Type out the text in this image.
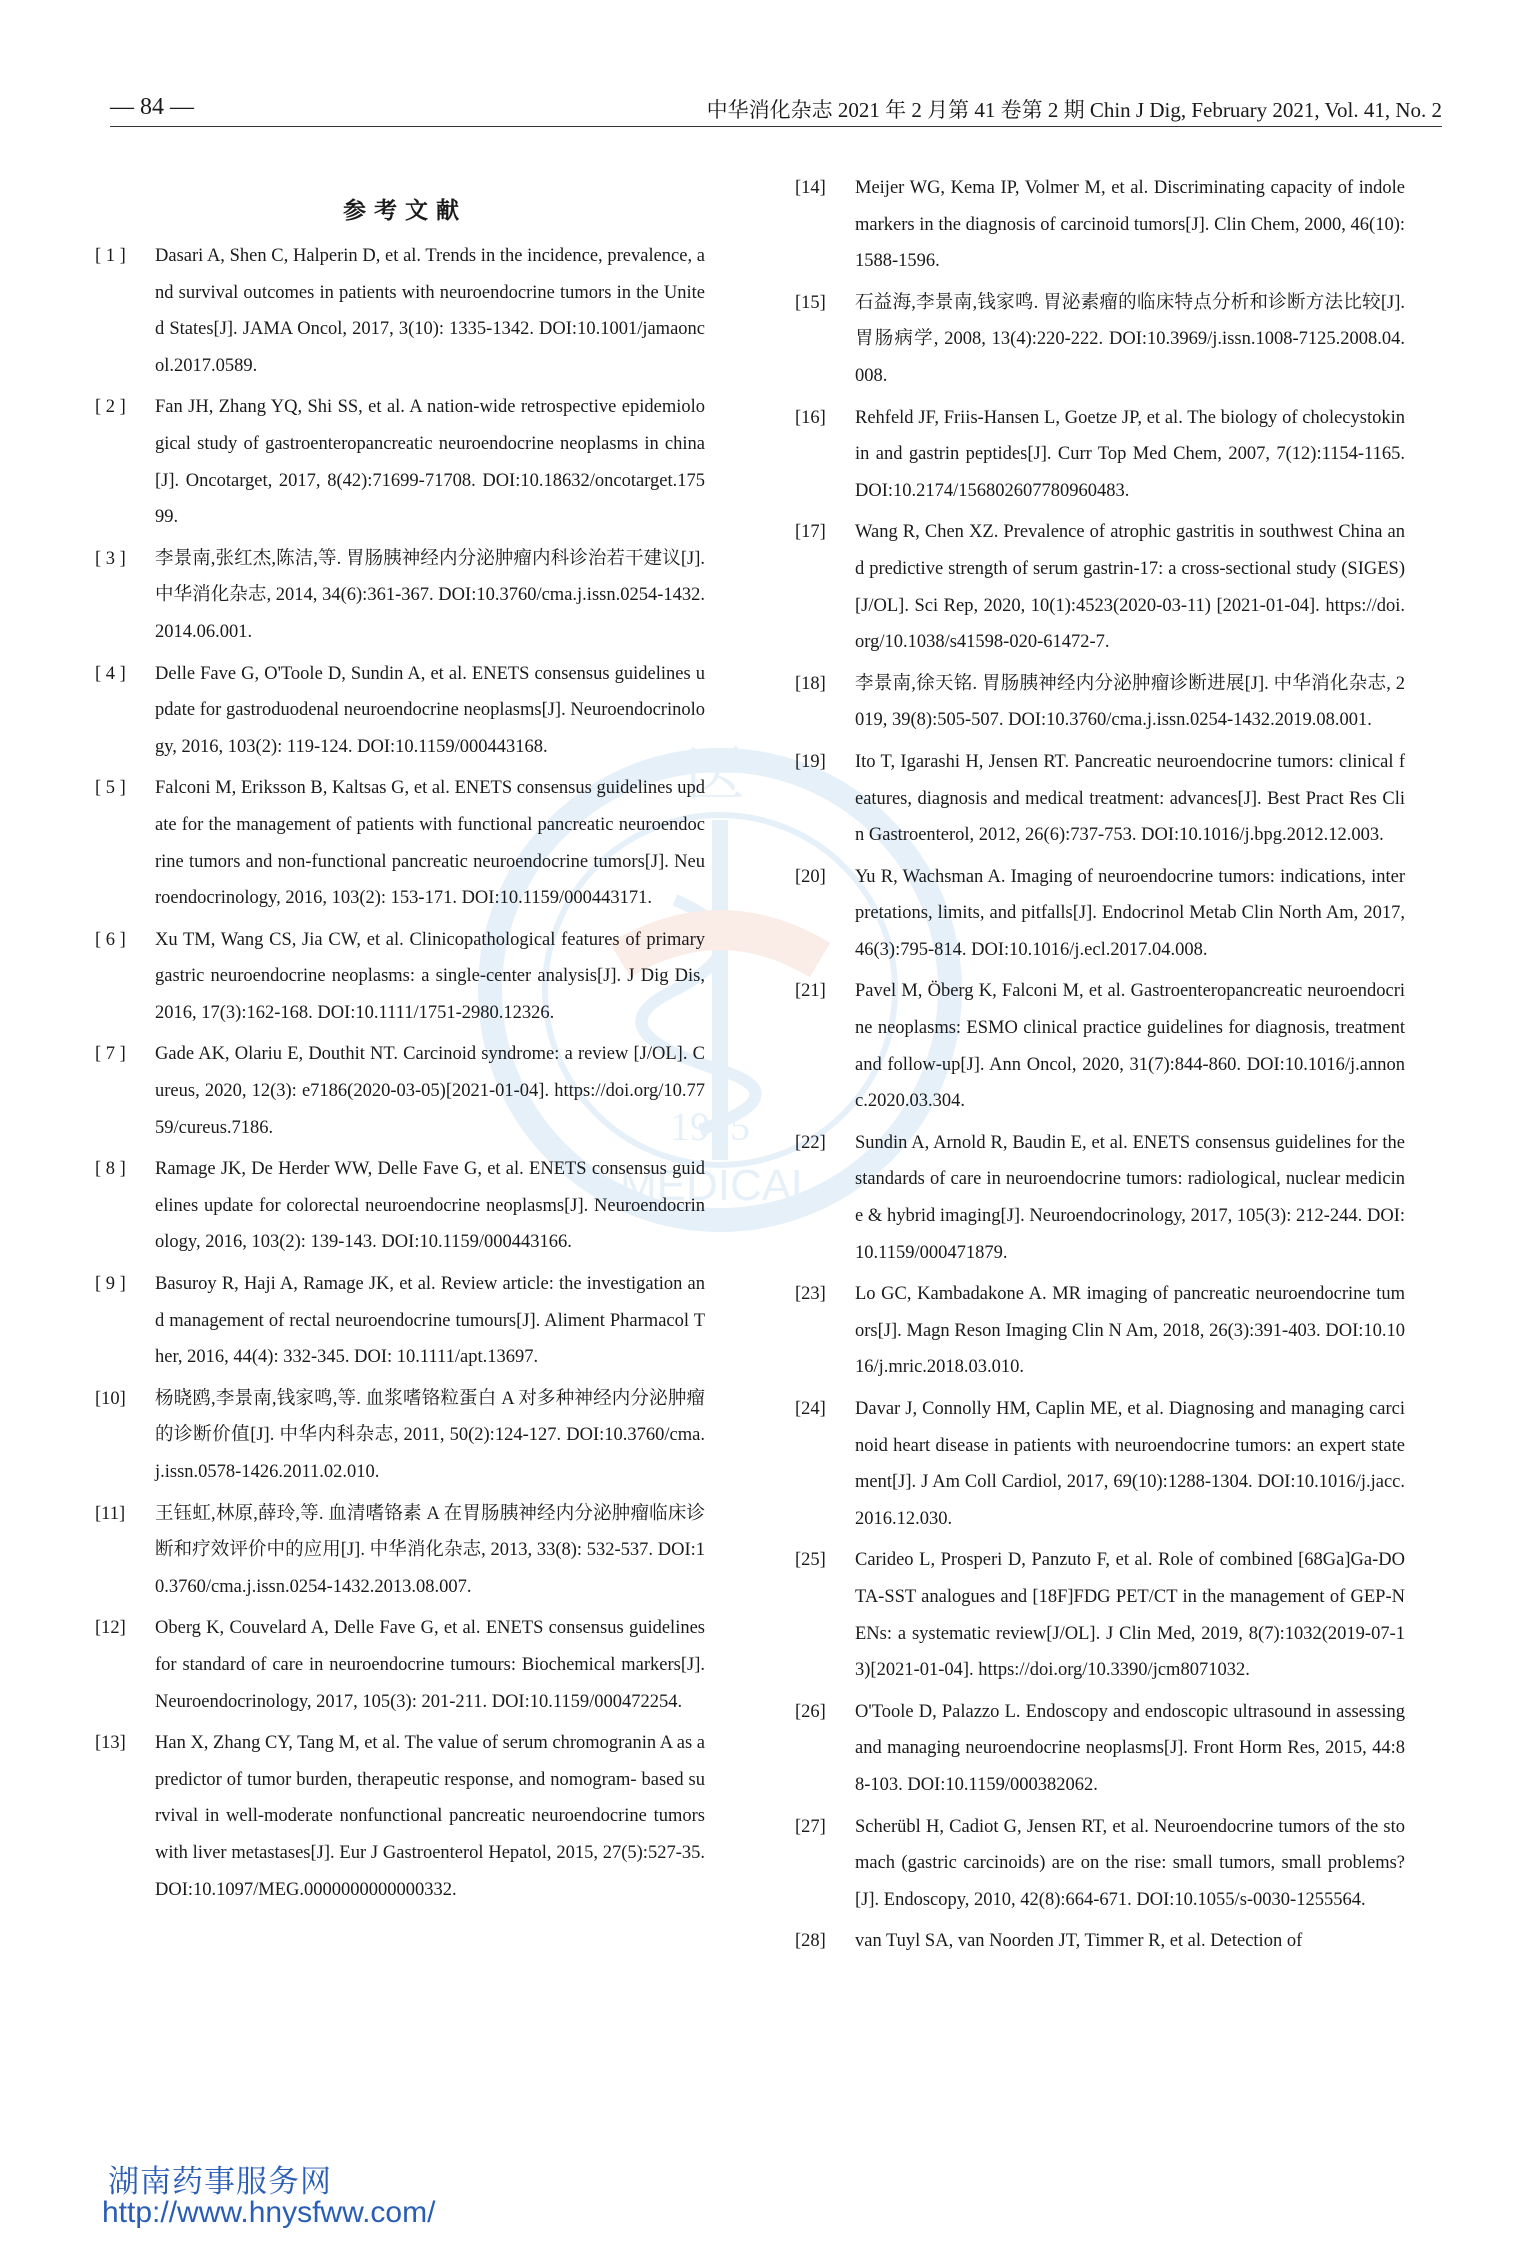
— 84 —	中华消化杂志 2021 年 2 月第 41 卷第 2 期 Chin J Dig, February 2021, Vol. 41, No. 2
医
1915
MEDICAL
参考文献
[ 1 ] Dasari A, Shen C, Halperin D, et al. Trends in the incidence, prevalence, and survival outcomes in patients with neuroendocrine tumors in the United States[J]. JAMA Oncol, 2017, 3(10): 1335-1342. DOI:10.1001/jamaoncol.2017.0589.
[ 2 ] Fan JH, Zhang YQ, Shi SS, et al. A nation-wide retrospective epidemiological study of gastroenteropancreatic neuroendocrine neoplasms in china[J]. Oncotarget, 2017, 8(42):71699-71708. DOI:10.18632/oncotarget.17599.
[ 3 ] 李景南,张红杰,陈洁,等. 胃肠胰神经内分泌肿瘤内科诊治若干建议[J]. 中华消化杂志, 2014, 34(6):361-367. DOI:10.3760/cma.j.issn.0254-1432.2014.06.001.
[ 4 ] Delle Fave G, O'Toole D, Sundin A, et al. ENETS consensus guidelines update for gastroduodenal neuroendocrine neoplasms[J]. Neuroendocrinology, 2016, 103(2): 119-124. DOI:10.1159/000443168.
[ 5 ] Falconi M, Eriksson B, Kaltsas G, et al. ENETS consensus guidelines update for the management of patients with functional pancreatic neuroendocrine tumors and non-functional pancreatic neuroendocrine tumors[J]. Neuroendocrinology, 2016, 103(2): 153-171. DOI:10.1159/000443171.
[ 6 ] Xu TM, Wang CS, Jia CW, et al. Clinicopathological features of primary gastric neuroendocrine neoplasms: a single-center analysis[J]. J Dig Dis, 2016, 17(3):162-168. DOI:10.1111/1751-2980.12326.
[ 7 ] Gade AK, Olariu E, Douthit NT. Carcinoid syndrome: a review [J/OL]. Cureus, 2020, 12(3): e7186(2020-03-05)[2021-01-04]. https://doi.org/10.7759/cureus.7186.
[ 8 ] Ramage JK, De Herder WW, Delle Fave G, et al. ENETS consensus guidelines update for colorectal neuroendocrine neoplasms[J]. Neuroendocrinology, 2016, 103(2): 139-143. DOI:10.1159/000443166.
[ 9 ] Basuroy R, Haji A, Ramage JK, et al. Review article: the investigation and management of rectal neuroendocrine tumours[J]. Aliment Pharmacol Ther, 2016, 44(4): 332-345. DOI: 10.1111/apt.13697.
[10] 杨晓鸥,李景南,钱家鸣,等. 血浆嗜铬粒蛋白 A 对多种神经内分泌肿瘤的诊断价值[J]. 中华内科杂志, 2011, 50(2):124-127. DOI:10.3760/cma.j.issn.0578-1426.2011.02.010.
[11] 王钰虹,林原,薛玲,等. 血清嗜铬素 A 在胃肠胰神经内分泌肿瘤临床诊断和疗效评价中的应用[J]. 中华消化杂志, 2013, 33(8): 532-537. DOI:10.3760/cma.j.issn.0254-1432.2013.08.007.
[12] Oberg K, Couvelard A, Delle Fave G, et al. ENETS consensus guidelines for standard of care in neuroendocrine tumours: Biochemical markers[J]. Neuroendocrinology, 2017, 105(3): 201-211. DOI:10.1159/000472254.
[13] Han X, Zhang CY, Tang M, et al. The value of serum chromogranin A as a predictor of tumor burden, therapeutic response, and nomogram- based survival in well-moderate nonfunctional pancreatic neuroendocrine tumors with liver metastases[J]. Eur J Gastroenterol Hepatol, 2015, 27(5):527-35. DOI:10.1097/MEG.0000000000000332.
[14] Meijer WG, Kema IP, Volmer M, et al. Discriminating capacity of indole markers in the diagnosis of carcinoid tumors[J]. Clin Chem, 2000, 46(10):1588-1596.
[15] 石益海,李景南,钱家鸣. 胃泌素瘤的临床特点分析和诊断方法比较[J]. 胃肠病学, 2008, 13(4):220-222. DOI:10.3969/j.issn.1008-7125.2008.04.008.
[16] Rehfeld JF, Friis-Hansen L, Goetze JP, et al. The biology of cholecystokinin and gastrin peptides[J]. Curr Top Med Chem, 2007, 7(12):1154-1165. DOI:10.2174/156802607780960483.
[17] Wang R, Chen XZ. Prevalence of atrophic gastritis in southwest China and predictive strength of serum gastrin-17: a cross-sectional study (SIGES)[J/OL]. Sci Rep, 2020, 10(1):4523(2020-03-11) [2021-01-04]. https://doi.org/10.1038/s41598-020-61472-7.
[18] 李景南,徐天铭. 胃肠胰神经内分泌肿瘤诊断进展[J]. 中华消化杂志, 2019, 39(8):505-507. DOI:10.3760/cma.j.issn.0254-1432.2019.08.001.
[19] Ito T, Igarashi H, Jensen RT. Pancreatic neuroendocrine tumors: clinical features, diagnosis and medical treatment: advances[J]. Best Pract Res Clin Gastroenterol, 2012, 26(6):737-753. DOI:10.1016/j.bpg.2012.12.003.
[20] Yu R, Wachsman A. Imaging of neuroendocrine tumors: indications, interpretations, limits, and pitfalls[J]. Endocrinol Metab Clin North Am, 2017, 46(3):795-814. DOI:10.1016/j.ecl.2017.04.008.
[21] Pavel M, Öberg K, Falconi M, et al. Gastroenteropancreatic neuroendocrine neoplasms: ESMO clinical practice guidelines for diagnosis, treatment and follow-up[J]. Ann Oncol, 2020, 31(7):844-860. DOI:10.1016/j.annonc.2020.03.304.
[22] Sundin A, Arnold R, Baudin E, et al. ENETS consensus guidelines for the standards of care in neuroendocrine tumors: radiological, nuclear medicine & hybrid imaging[J]. Neuroendocrinology, 2017, 105(3): 212-244. DOI: 10.1159/000471879.
[23] Lo GC, Kambadakone A. MR imaging of pancreatic neuroendocrine tumors[J]. Magn Reson Imaging Clin N Am, 2018, 26(3):391-403. DOI:10.1016/j.mric.2018.03.010.
[24] Davar J, Connolly HM, Caplin ME, et al. Diagnosing and managing carcinoid heart disease in patients with neuroendocrine tumors: an expert statement[J]. J Am Coll Cardiol, 2017, 69(10):1288-1304. DOI:10.1016/j.jacc.2016.12.030.
[25] Carideo L, Prosperi D, Panzuto F, et al. Role of combined [68Ga]Ga-DOTA-SST analogues and [18F]FDG PET/CT in the management of GEP-NENs: a systematic review[J/OL]. J Clin Med, 2019, 8(7):1032(2019-07-13)[2021-01-04]. https://doi.org/10.3390/jcm8071032.
[26] O'Toole D, Palazzo L. Endoscopy and endoscopic ultrasound in assessing and managing neuroendocrine neoplasms[J]. Front Horm Res, 2015, 44:88-103. DOI:10.1159/000382062.
[27] Scherübl H, Cadiot G, Jensen RT, et al. Neuroendocrine tumors of the stomach (gastric carcinoids) are on the rise: small tumors, small problems? [J]. Endoscopy, 2010, 42(8):664-671. DOI:10.1055/s-0030-1255564.
[28] van Tuyl SA, van Noorden JT, Timmer R, et al. Detection of
湖南药事服务网
http://www.hnysfww.com/
